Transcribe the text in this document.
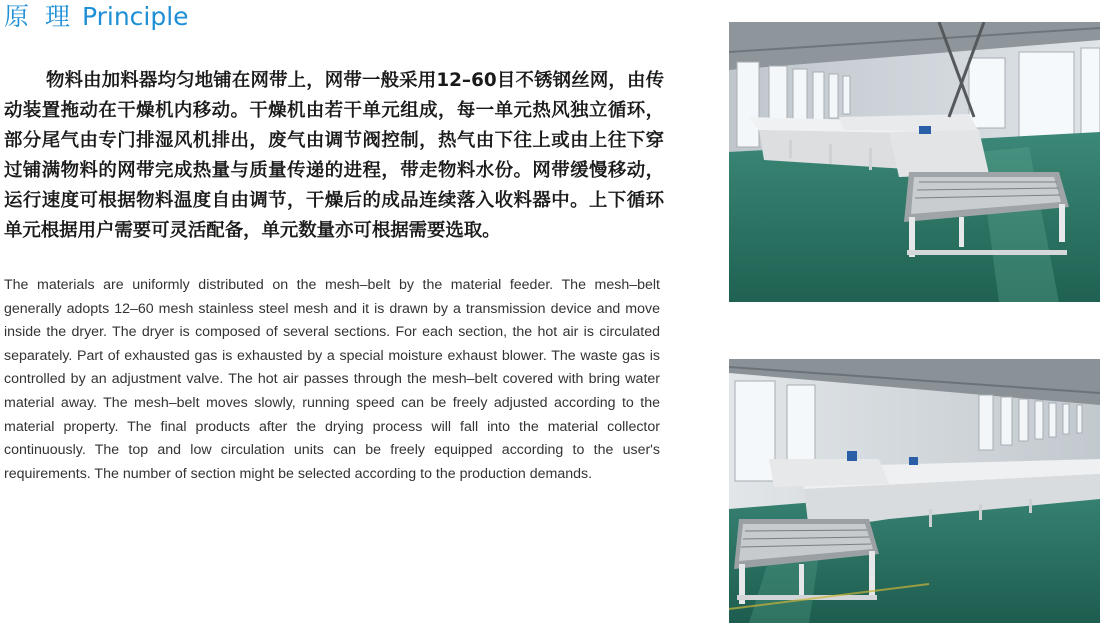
原 理 Principle

物料由加料器均匀地铺在网带上，网带一般采用12–60目不锈钢丝网，由传动装置拖动在干燥机内移动。干燥机由若干单元组成，每一单元热风独立循环，部分尾气由专门排湿风机排出，废气由调节阀控制，热气由下往上或由上往下穿过铺满物料的网带完成热量与质量传递的进程，带走物料水份。网带缓慢移动，运行速度可根据物料温度自由调节，干燥后的成品连续落入收料器中。上下循环单元根据用户需要可灵活配备，单元数量亦可根据需要选取。

The materials are uniformly distributed on the mesh–belt by the material feeder. The mesh–belt generally adopts 12–60 mesh stainless steel mesh and it is drawn by a transmission device and move inside the dryer. The dryer is composed of several sections. For each section, the hot air is circulated separately. Part of exhausted gas is exhausted by a special moisture exhaust blower. The waste gas is controlled by an adjustment valve. The hot air passes through the mesh–belt covered with bring water material away. The mesh–belt moves slowly, running speed can be freely adjusted according to the material property. The final products after the drying process will fall into the material collector continuously. The top and low circulation units can be freely equipped according to the user's requirements. The number of section might be selected according to the production demands.
